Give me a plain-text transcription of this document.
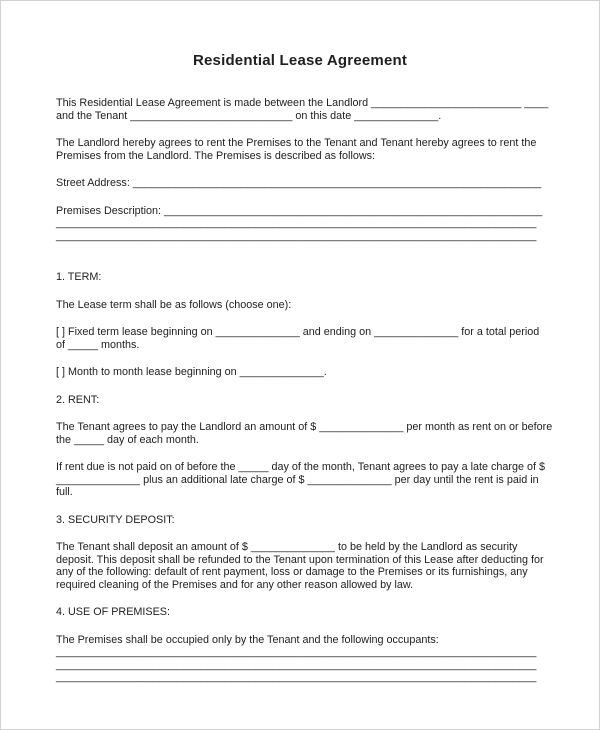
Residential Lease Agreement
This Residential Lease Agreement is made between the Landlord _________________________ ____
and the Tenant ___________________________ on this date ______________.
The Landlord hereby agrees to rent the Premises to the Tenant and Tenant hereby agrees to rent the
Premises from the Landlord. The Premises is described as follows:
Street Address: ____________________________________________________________________
Premises Description: _______________________________________________________________
________________________________________________________________________________
________________________________________________________________________________
1. TERM:
The Lease term shall be as follows (choose one):
[ ] Fixed term lease beginning on ______________ and ending on ______________ for a total period
of _____ months.
[ ] Month to month lease beginning on ______________.
2. RENT:
The Tenant agrees to pay the Landlord an amount of $ ______________ per month as rent on or before
the _____ day of each month.
If rent due is not paid on of before the _____ day of the month, Tenant agrees to pay a late charge of $
______________ plus an additional late charge of $ ______________ per day until the rent is paid in
full.
3. SECURITY DEPOSIT:
The Tenant shall deposit an amount of $ ______________ to be held by the Landlord as security
deposit. This deposit shall be refunded to the Tenant upon termination of this Lease after deducting for
any of the following: default of rent payment, loss or damage to the Premises or its furnishings, any
required cleaning of the Premises and for any other reason allowed by law.
4. USE OF PREMISES:
The Premises shall be occupied only by the Tenant and the following occupants:
________________________________________________________________________________
________________________________________________________________________________
________________________________________________________________________________
